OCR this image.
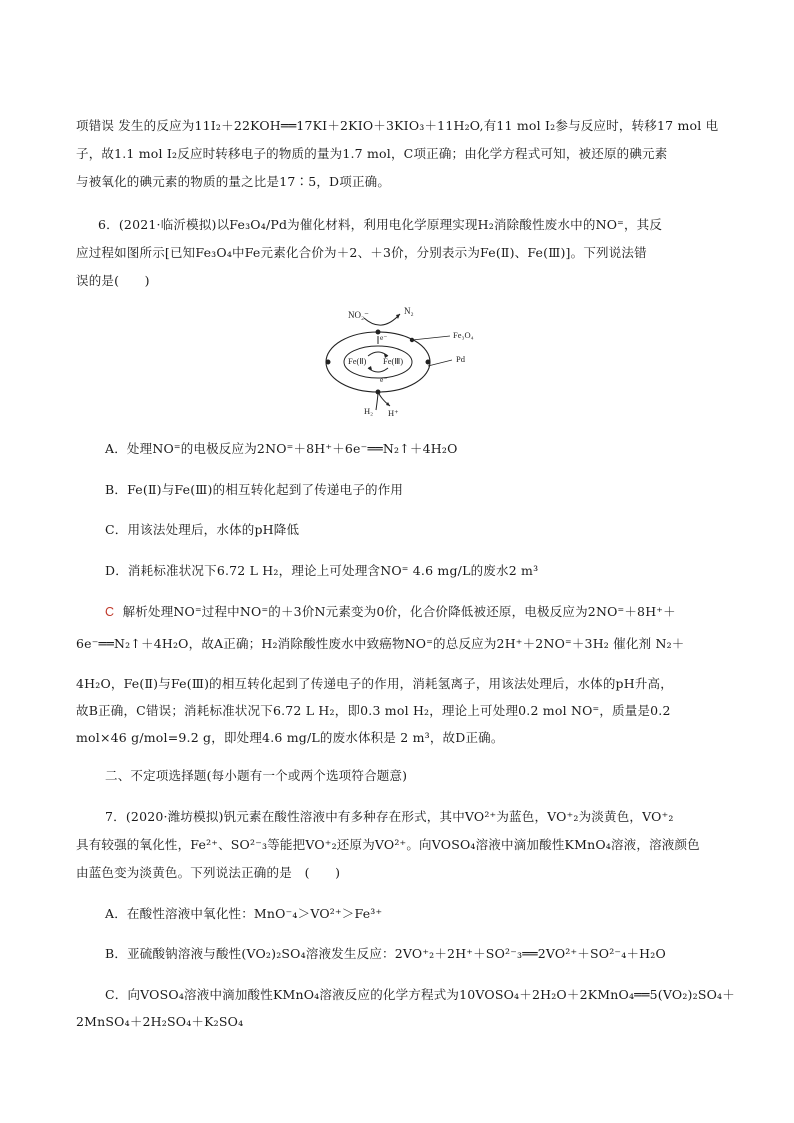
项错误 发生的反应为11I₂＋22KOH══17KI＋2KIO＋3KIO₃＋11H₂O,有11 mol I₂参与反应时，转移17 mol 电
子，故1.1 mol I₂反应时转移电子的物质的量为1.7 mol，C项正确；由化学方程式可知，被还原的碘元素
与被氧化的碘元素的物质的量之比是17∶5，D项正确。
6．(2021·临沂模拟)以Fe₃O₄/Pd为催化材料，利用电化学原理实现H₂消除酸性废水中的NO⁼，其反
应过程如图所示[已知Fe₃O₄中Fe元素化合价为＋2、＋3价，分别表示为Fe(Ⅱ)、Fe(Ⅲ)]。下列说法错
误的是(　　)
NO₂⁻	N₂
Fe₃O₄
Pd
Fe(Ⅱ) Fe(Ⅲ)
e⁻
e⁻
H₂ H⁺
A．处理NO⁼的电极反应为2NO⁼＋8H⁺＋6e⁻══N₂↑＋4H₂O
B．Fe(Ⅱ)与Fe(Ⅲ)的相互转化起到了传递电子的作用
C．用该法处理后，水体的pH降低
D．消耗标准状况下6.72 L H₂，理论上可处理含NO⁼ 4.6 mg/L的废水2 m³
C 解析处理NO⁼过程中NO⁼的＋3价N元素变为0价，化合价降低被还原，电极反应为2NO⁼＋8H⁺＋
6e⁻══N₂↑＋4H₂O，故A正确；H₂消除酸性废水中致癌物NO⁼的总反应为2H⁺＋2NO⁼＋3H₂ 催化剂 N₂＋
4H₂O，Fe(Ⅱ)与Fe(Ⅲ)的相互转化起到了传递电子的作用，消耗氢离子，用该法处理后，水体的pH升高，
故B正确，C错误；消耗标准状况下6.72 L H₂，即0.3 mol H₂，理论上可处理0.2 mol NO⁼，质量是0.2
mol×46 g/mol=9.2 g，即处理4.6 mg/L的废水体积是 2 m³，故D正确。
二、不定项选择题(每小题有一个或两个选项符合题意)
7．(2020·潍坊模拟)钒元素在酸性溶液中有多种存在形式，其中VO²⁺为蓝色，VO⁺₂为淡黄色，VO⁺₂
具有较强的氧化性，Fe²⁺、SO²⁻₃等能把VO⁺₂还原为VO²⁺。向VOSO₄溶液中滴加酸性KMnO₄溶液，溶液颜色
由蓝色变为淡黄色。下列说法正确的是　(　　)
A．在酸性溶液中氧化性：MnO⁻₄＞VO²⁺＞Fe³⁺
B．亚硫酸钠溶液与酸性(VO₂)₂SO₄溶液发生反应：2VO⁺₂＋2H⁺＋SO²⁻₃══2VO²⁺＋SO²⁻₄＋H₂O
C．向VOSO₄溶液中滴加酸性KMnO₄溶液反应的化学方程式为10VOSO₄＋2H₂O＋2KMnO₄══5(VO₂)₂SO₄＋
2MnSO₄＋2H₂SO₄＋K₂SO₄
